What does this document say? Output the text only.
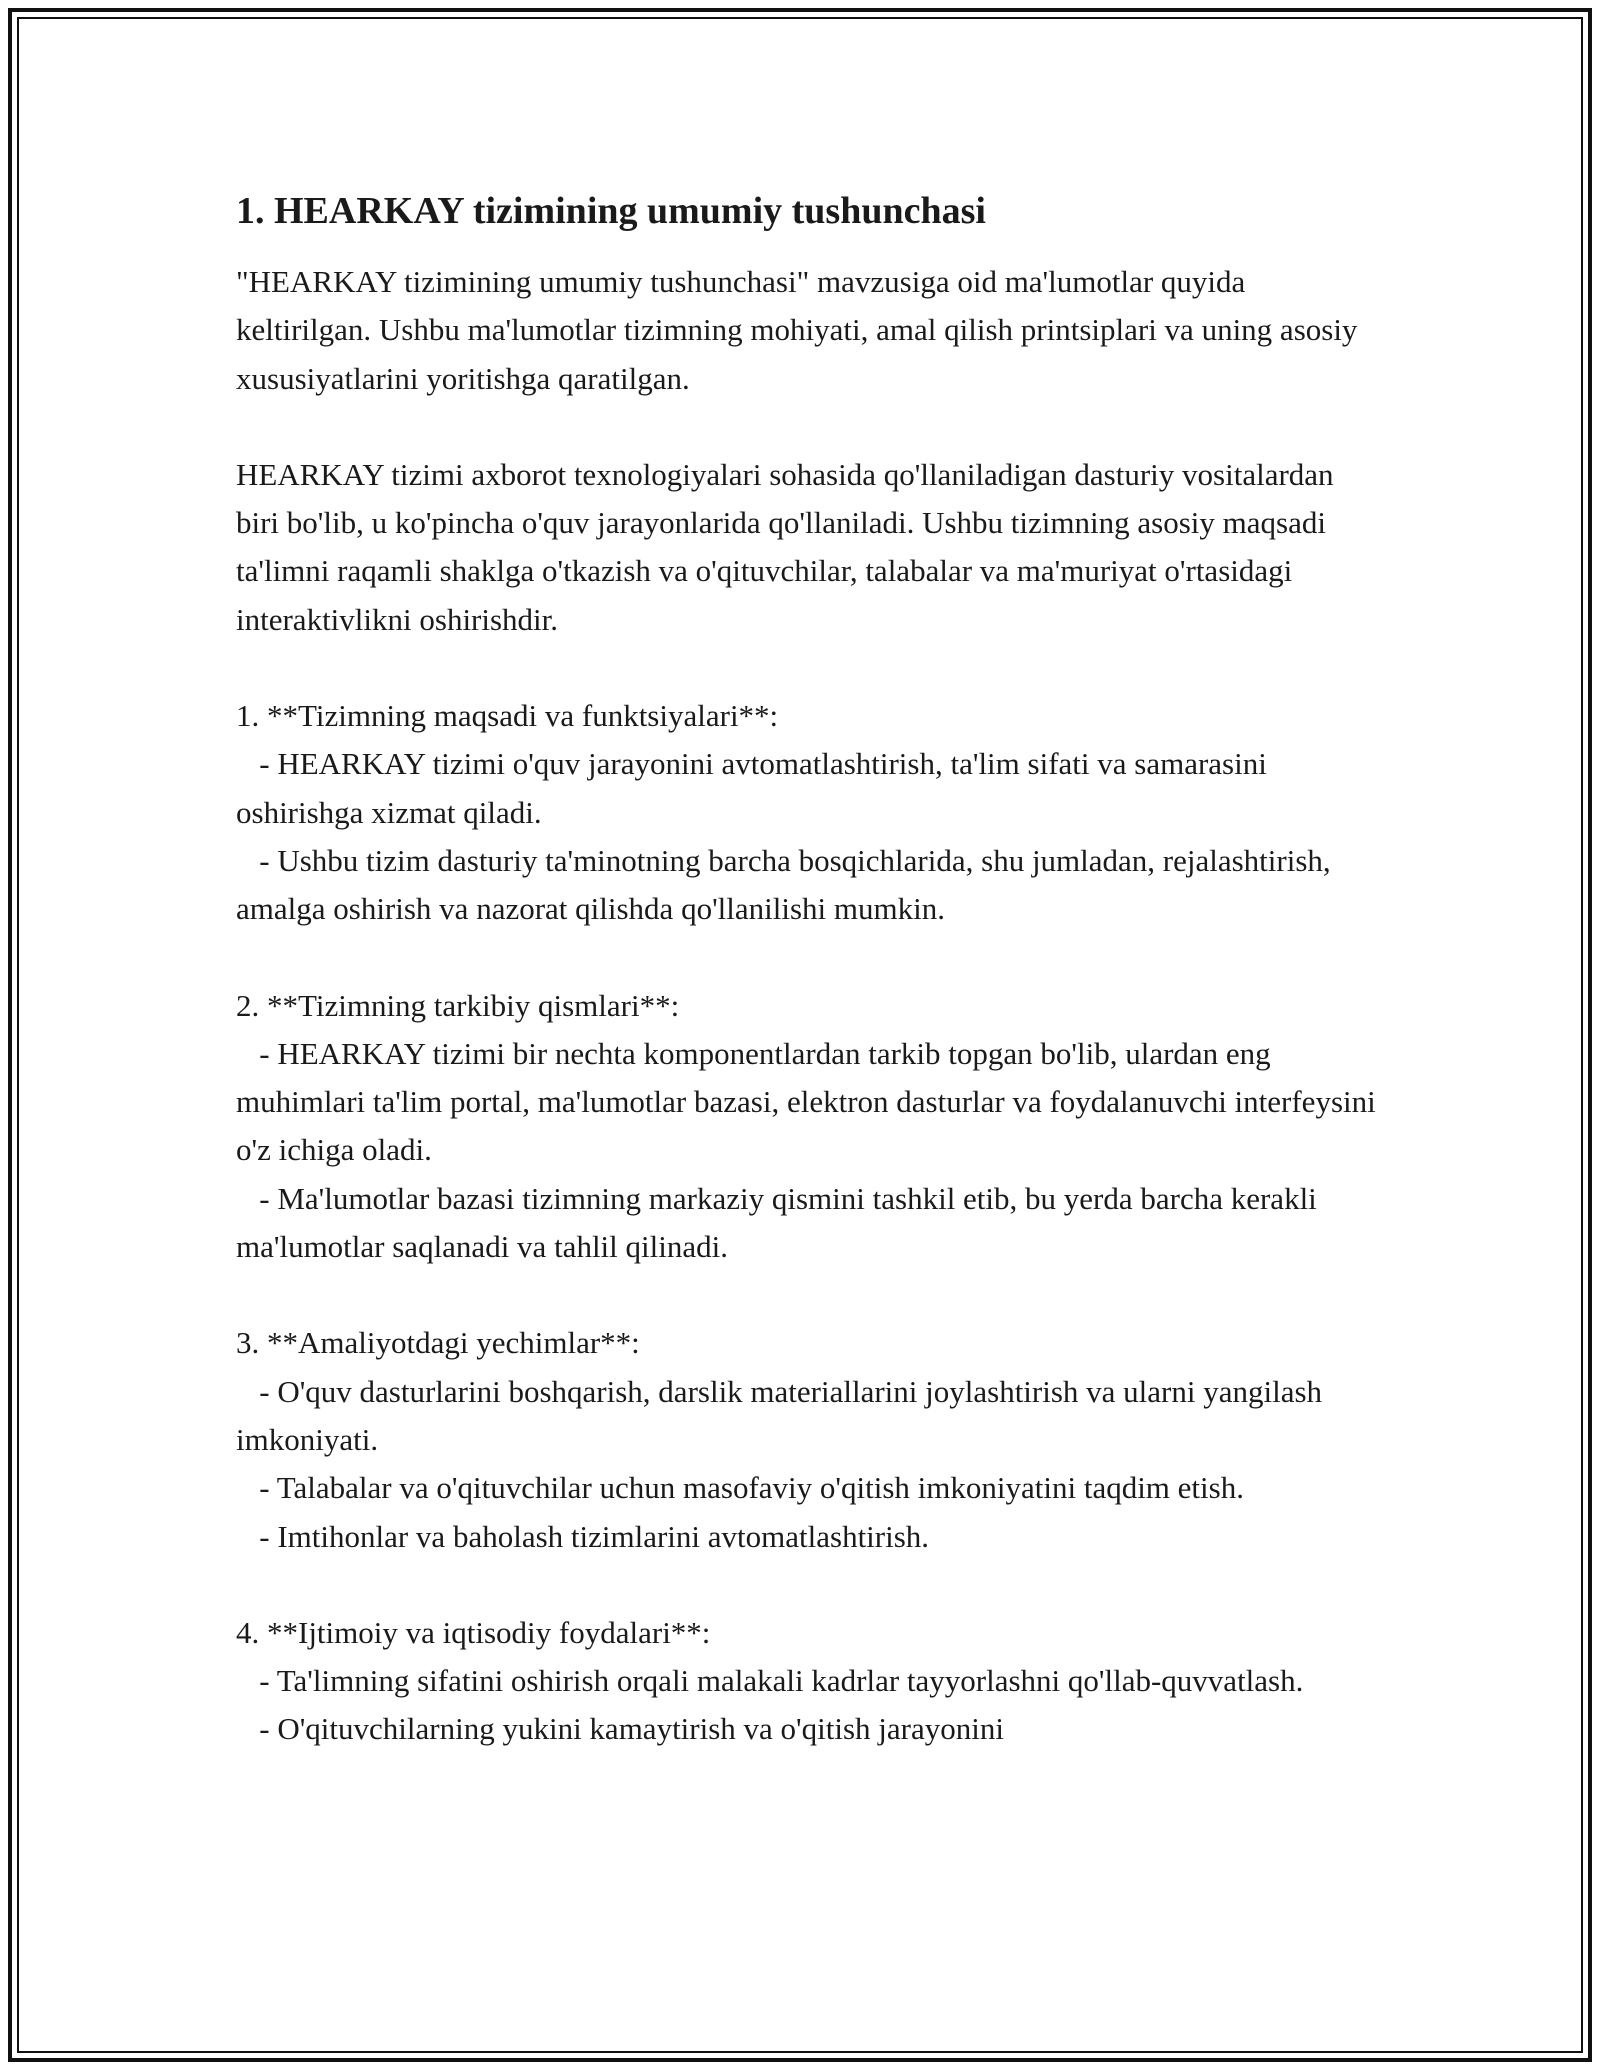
1. HEARKAY tizimining umumiy tushunchasi

"HEARKAY tizimining umumiy tushunchasi" mavzusiga oid ma'lumotlar quyida keltirilgan. Ushbu ma'lumotlar tizimning mohiyati, amal qilish printsiplari va uning asosiy xususiyatlarini yoritishga qaratilgan.

HEARKAY tizimi axborot texnologiyalari sohasida qo'llaniladigan dasturiy vositalardan biri bo'lib, u ko'pincha o'quv jarayonlarida qo'llaniladi. Ushbu tizimning asosiy maqsadi ta'limni raqamli shaklga o'tkazish va o'qituvchilar, talabalar va ma'muriyat o'rtasidagi interaktivlikni oshirishdir.

1. **Tizimning maqsadi va funktsiyalari**:
- HEARKAY tizimi o'quv jarayonini avtomatlashtirish, ta'lim sifati va samarasini oshirishga xizmat qiladi.
- Ushbu tizim dasturiy ta'minotning barcha bosqichlarida, shu jumladan, rejalashtirish, amalga oshirish va nazorat qilishda qo'llanilishi mumkin.
2. **Tizimning tarkibiy qismlari**:
- HEARKAY tizimi bir nechta komponentlardan tarkib topgan bo'lib, ulardan eng muhimlari ta'lim portal, ma'lumotlar bazasi, elektron dasturlar va foydalanuvchi interfeysini o'z ichiga oladi.
- Ma'lumotlar bazasi tizimning markaziy qismini tashkil etib, bu yerda barcha kerakli ma'lumotlar saqlanadi va tahlil qilinadi.
3. **Amaliyotdagi yechimlar**:
- O'quv dasturlarini boshqarish, darslik materiallarini joylashtirish va ularni yangilash imkoniyati.
- Talabalar va o'qituvchilar uchun masofaviy o'qitish imkoniyatini taqdim etish.
- Imtihonlar va baholash tizimlarini avtomatlashtirish.
4. **Ijtimoiy va iqtisodiy foydalari**:
- Ta'limning sifatini oshirish orqali malakali kadrlar tayyorlashni qo'llab-quvvatlash.
- O'qituvchilarning yukini kamaytirish va o'qitish jarayonini
